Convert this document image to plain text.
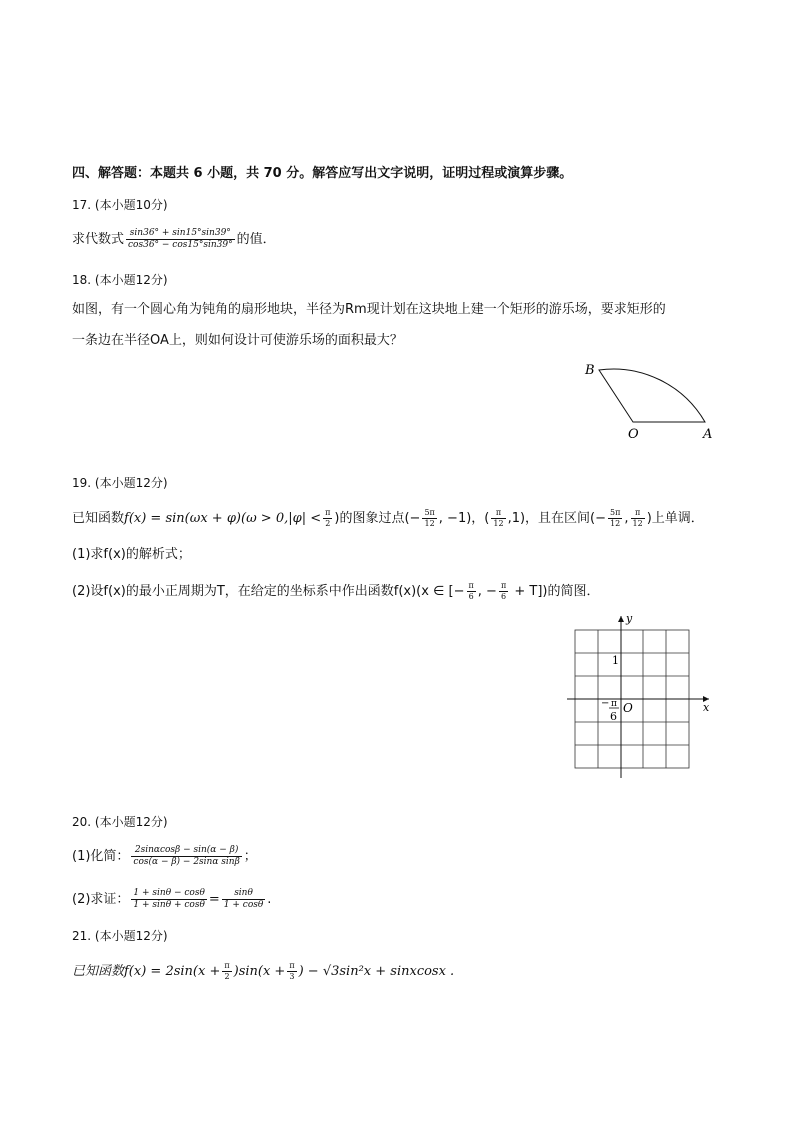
四、解答题：本题共 6 小题，共 70 分。解答应写出文字说明，证明过程或演算步骤。
17. (本小题10分)
求代数式 $\frac{\sin 36^\circ + \sin 15^\circ\sin 39^\circ}{\cos 36^\circ - \cos 15^\circ\sin 39^\circ}$ 的值．
18. (本小题12分)
如图，有一个圆心角为钝角的扇形地块，半径为Rm现计划在这块地上建一个矩形的游乐场，要求矩形的
一条边在半径OA上，则如何设计可使游乐场的面积最大？
B
O	A
19. (本小题12分)
已知函数$f(x) = \sin(\omega x + \varphi)(\omega > 0,|\varphi| < \frac{\pi}{2}$ )的图象过点(− $\frac{5\pi}{12}$ , −1)，( $\frac{\pi}{12} ,1$)，且在区间(− $\frac{5\pi}{12}$ , $\frac{\pi}{12}$ )上单调．
(1)求f(x)的解析式；
(2)设f(x)的最小正周期为T，在给定的坐标系中作出函数f(x)(x ∈ [− $\frac{\pi}{6}$ , − $\frac{\pi}{6} + T$])的简图．
y
x
1
O
− π
6
20. (本小题12分)
(1)化简： $\frac{2\sin\alpha\cos\beta - \sin(\alpha - \beta)}{\text{cos(α − β) − 2sinα sinβ}}$ ；
(2)求证： $\frac{1 + \sin\theta - \cos\theta}{1 + \sin\theta + \cos\theta} = \frac{\sin\theta}{1 + \cos\theta}$ .
21. (本小题12分)
已知函数$f(x) = 2\sin(x + \frac{\pi}{2} )\sin(x + \frac{\pi}{3}$ ) − √3sin²x + sinxcosx .
